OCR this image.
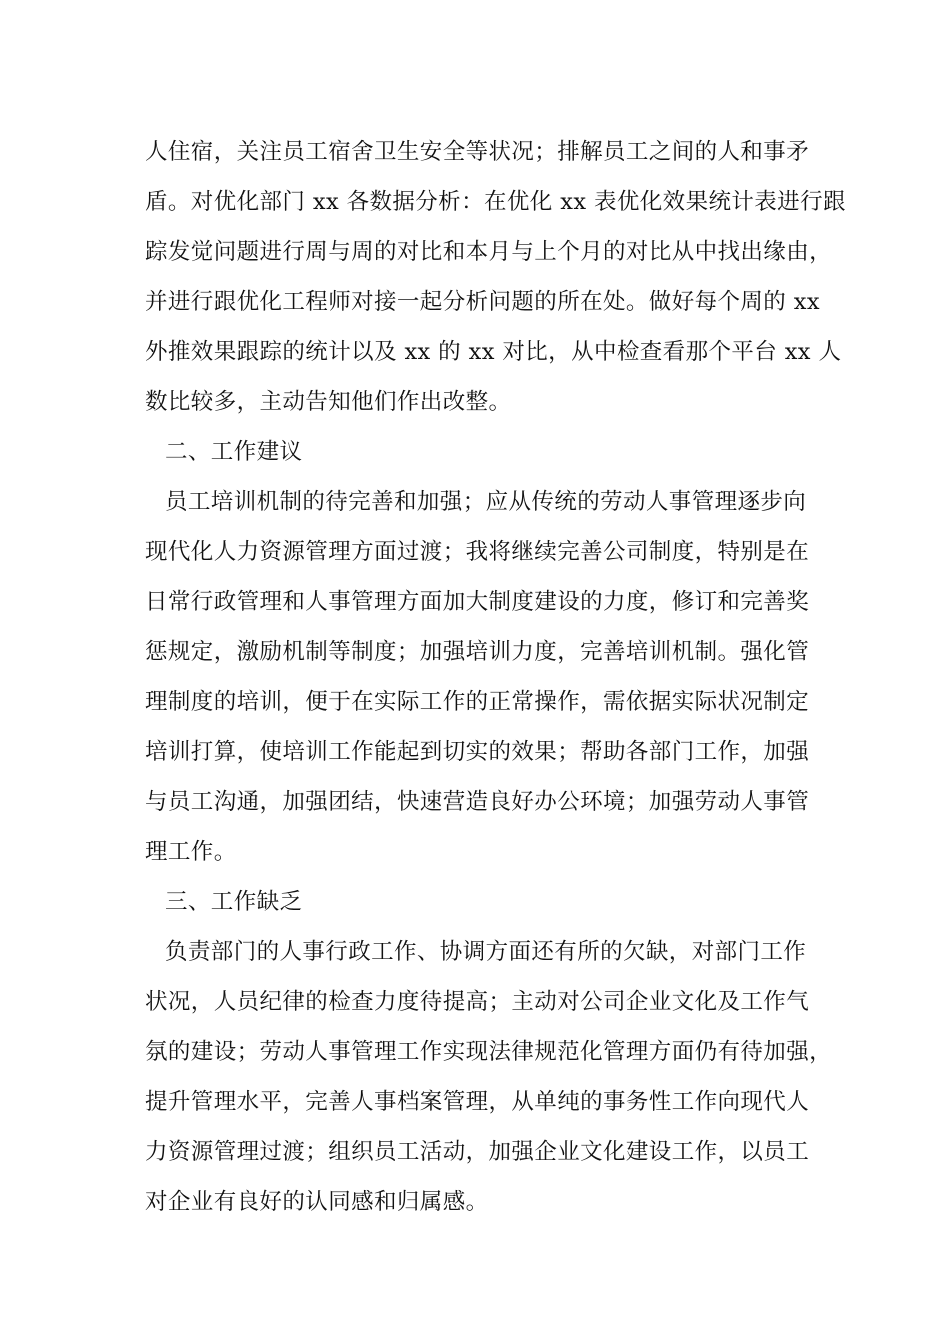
人住宿，关注员工宿舍卫生安全等状况；排解员工之间的人和事矛
盾。对优化部门 xx 各数据分析：在优化 xx 表优化效果统计表进行跟
踪发觉问题进行周与周的对比和本月与上个月的对比从中找出缘由，
并进行跟优化工程师对接一起分析问题的所在处。做好每个周的 xx
外推效果跟踪的统计以及 xx 的 xx 对比，从中检查看那个平台 xx 人
数比较多，主动告知他们作出改整。
二、工作建议
员工培训机制的待完善和加强；应从传统的劳动人事管理逐步向
现代化人力资源管理方面过渡；我将继续完善公司制度，特别是在
日常行政管理和人事管理方面加大制度建设的力度，修订和完善奖
惩规定，激励机制等制度；加强培训力度，完善培训机制。强化管
理制度的培训，便于在实际工作的正常操作，需依据实际状况制定
培训打算，使培训工作能起到切实的效果；帮助各部门工作，加强
与员工沟通，加强团结，快速营造良好办公环境；加强劳动人事管
理工作。
三、工作缺乏
负责部门的人事行政工作、协调方面还有所的欠缺，对部门工作
状况，人员纪律的检查力度待提高；主动对公司企业文化及工作气
氛的建设；劳动人事管理工作实现法律规范化管理方面仍有待加强，
提升管理水平，完善人事档案管理，从单纯的事务性工作向现代人
力资源管理过渡；组织员工活动，加强企业文化建设工作，以员工
对企业有良好的认同感和归属感。
